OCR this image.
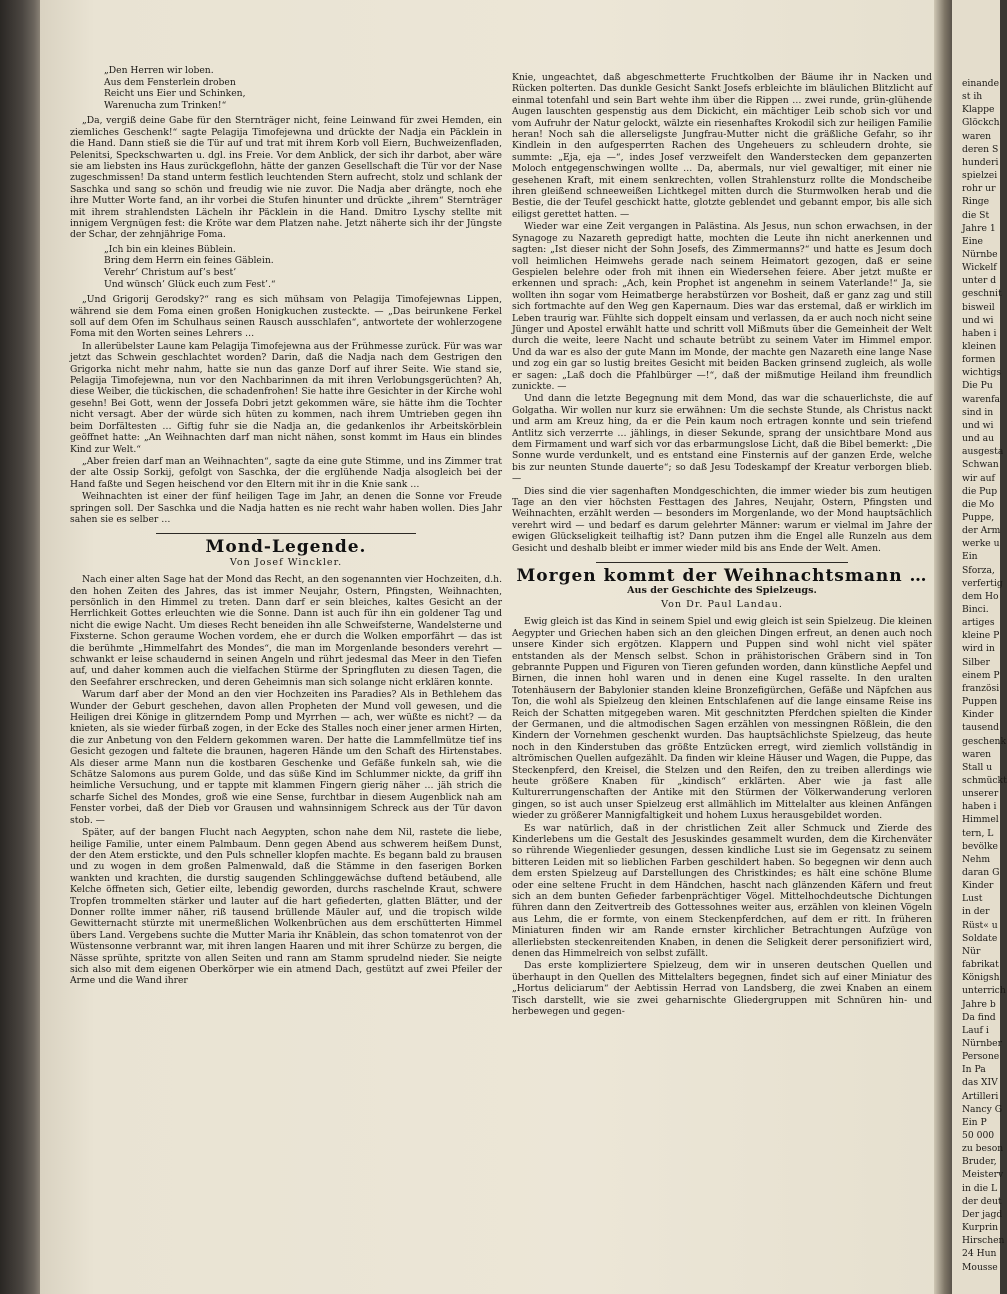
„Den Herren wir loben.
Aus dem Fensterlein droben
Reicht uns Eier und Schinken,
Warenucha zum Trinken!“

„Da, vergiß deine Gabe für den Sternträger nicht, feine Leinwand für zwei Hemden, ein ziemliches Geschenk!“ sagte Pelagija Timofejewna und drückte der Nadja ein Päcklein in die Hand. Dann stieß sie die Tür auf und trat mit ihrem Korb voll Eiern, Buchweizenfladen, Pelenitsi, Speckschwarten u. dgl. ins Freie. Vor dem Anblick, der sich ihr darbot, aber wäre sie am liebsten ins Haus zurückgeflohn, hätte der ganzen Gesellschaft die Tür vor der Nase zugeschmissen! Da stand unterm festlich leuchtenden Stern aufrecht, stolz und schlank der Saschka und sang so schön und freudig wie nie zuvor. Die Nadja aber drängte, noch ehe ihre Mutter Worte fand, an ihr vorbei die Stufen hinunter und drückte „ihrem“ Sternträger mit ihrem strahlendsten Lächeln ihr Päcklein in die Hand. Dmitro Lyschy stellte mit innigem Vergnügen fest: die Kröte war dem Platzen nahe. Jetzt näherte sich ihr der Jüngste der Schar, der zehnjährige Foma.

„Ich bin ein kleines Büblein.
Bring dem Herrn ein feines Gäblein.
Verehr’ Christum auf’s best’
Und wünsch’ Glück euch zum Fest’.“

„Und Grigorij Gerodsky?“ rang es sich mühsam von Pelagija Timofejewnas Lippen, während sie dem Foma einen großen Honigkuchen zusteckte. — „Das beirunkene Ferkel soll auf dem Ofen im Schulhaus seinen Rausch ausschlafen“, antwortete der wohlerzogene Foma mit den Worten seines Lehrers …

In allerübelster Laune kam Pelagija Timofejewna aus der Frühmesse zurück. Für was war jetzt das Schwein geschlachtet worden? Darin, daß die Nadja nach dem Gestrigen den Grigorka nicht mehr nahm, hatte sie nun das ganze Dorf auf ihrer Seite. Wie stand sie, Pelagija Timofejewna, nun vor den Nachbarinnen da mit ihren Verlobungsgerüchten? Ah, diese Weiber, die tückischen, die schadenfrohen! Sie hatte ihre Gesichter in der Kirche wohl gesehn! Bei Gott, wenn der Jossefa Dobri jetzt gekommen wäre, sie hätte ihm die Tochter nicht versagt. Aber der würde sich hüten zu kommen, nach ihrem Umtrieben gegen ihn beim Dorfältesten … Giftig fuhr sie die Nadja an, die gedankenlos ihr Arbeitskörblein geöffnet hatte: „An Weihnachten darf man nicht nähen, sonst kommt im Haus ein blindes Kind zur Welt.“

„Aber freien darf man an Weihnachten“, sagte da eine gute Stimme, und ins Zimmer trat der alte Ossip Sorkij, gefolgt von Saschka, der die erglühende Nadja alsogleich bei der Hand faßte und Segen heischend vor den Eltern mit ihr in die Knie sank …

Weihnachten ist einer der fünf heiligen Tage im Jahr, an denen die Sonne vor Freude springen soll. Der Saschka und die Nadja hatten es nie recht wahr haben wollen. Dies Jahr sahen sie es selber …

Mond-Legende.
Von Josef Winckler.

Nach einer alten Sage hat der Mond das Recht, an den sogenannten vier Hochzeiten, d.h. den hohen Zeiten des Jahres, das ist immer Neujahr, Ostern, Pfingsten, Weihnachten, persönlich in den Himmel zu treten. Dann darf er sein bleiches, kaltes Gesicht an der Herrlichkeit Gottes erleuchten wie die Sonne. Dann ist auch für ihn ein goldener Tag und nicht die ewige Nacht. Um dieses Recht beneiden ihn alle Schweifsterne, Wandelsterne und Fixsterne. Schon geraume Wochen vordem, ehe er durch die Wolken emporfährt — das ist die berühmte „Himmelfahrt des Mondes“, die man im Morgenlande besonders verehrt — schwankt er leise schaudernd in seinen Angeln und rührt jedesmal das Meer in den Tiefen auf, und daher kommen auch die vielfachen Stürme der Springfluten zu diesen Tagen, die den Seefahrer erschrecken, und deren Geheimnis man sich solange nicht erklären konnte.

Warum darf aber der Mond an den vier Hochzeiten ins Paradies? Als in Bethlehem das Wunder der Geburt geschehen, davon allen Propheten der Mund voll gewesen, und die Heiligen drei Könige in glitzerndem Pomp und Myrrhen — ach, wer wüßte es nicht? — da knieten, als sie wieder fürbaß zogen, in der Ecke des Stalles noch einer jener armen Hirten, die zur Anbetung von den Feldern gekommen waren. Der hatte die Lammfellmütze tief ins Gesicht gezogen und faltete die braunen, hageren Hände um den Schaft des Hirtenstabes. Als dieser arme Mann nun die kostbaren Geschenke und Gefäße funkeln sah, wie die Schätze Salomons aus purem Golde, und das süße Kind im Schlummer nickte, da griff ihn heimliche Versuchung, und er tappte mit klammen Fingern gierig näher … jäh strich die scharfe Sichel des Mondes, groß wie eine Sense, furchtbar in diesem Augenblick nah am Fenster vorbei, daß der Dieb vor Grausen und wahnsinnigem Schreck aus der Tür davon stob. —

Später, auf der bangen Flucht nach Aegypten, schon nahe dem Nil, rastete die liebe, heilige Familie, unter einem Palmbaum. Denn gegen Abend aus schwerem heißem Dunst, der den Atem erstickte, und den Puls schneller klopfen machte. Es begann bald zu brausen und zu wogen in dem großen Palmenwald, daß die Stämme in den faserigen Borken wankten und krachten, die durstig saugenden Schlinggewächse duftend betäubend, alle Kelche öffneten sich, Getier eilte, lebendig geworden, durchs raschelnde Kraut, schwere Tropfen trommelten stärker und lauter auf die hart gefiederten, glatten Blätter, und der Donner rollte immer näher, riß tausend brüllende Mäuler auf, und die tropisch wilde Gewitternacht stürzte mit unermeßlichen Wolkenbrüchen aus dem erschütterten Himmel übers Land. Vergebens suchte die Mutter Maria ihr Knäblein, das schon tomatenrot von der Wüstensonne verbrannt war, mit ihren langen Haaren und mit ihrer Schürze zu bergen, die Nässe sprühte, spritzte von allen Seiten und rann am Stamm sprudelnd nieder. Sie neigte sich also mit dem eigenen Oberkörper wie ein atmend Dach, gestützt auf zwei Pfeiler der Arme und die Wand ihrer

Knie, ungeachtet, daß abgeschmetterte Fruchtkolben der Bäume ihr in Nacken und Rücken polterten. Das dunkle Gesicht Sankt Josefs erbleichte im bläulichen Blitzlicht auf einmal totenfahl und sein Bart wehte ihm über die Rippen … zwei runde, grün-glühende Augen lauschten gespenstig aus dem Dickicht, ein mächtiger Leib schob sich vor und vom Aufruhr der Natur gelockt, wälzte ein riesenhaftes Krokodil sich zur heiligen Familie heran! Noch sah die allerseligste Jungfrau-Mutter nicht die gräßliche Gefahr, so ihr Kindlein in den aufgesperrten Rachen des Ungeheuers zu schleudern drohte, sie summte: „Eja, eja —“, indes Josef verzweifelt den Wanderstecken dem gepanzerten Moloch entgegenschwingen wollte … Da, abermals, nur viel gewaltiger, mit einer nie gesehenen Kraft, mit einem senkrechten, vollen Strahlensturz rollte die Mondscheibe ihren gleißend schneeweißen Lichtkegel mitten durch die Sturmwolken herab und die Bestie, die der Teufel geschickt hatte, glotzte geblendet und gebannt empor, bis alle sich eiligst gerettet hatten. —

Wieder war eine Zeit vergangen in Palästina. Als Jesus, nun schon erwachsen, in der Synagoge zu Nazareth gepredigt hatte, mochten die Leute ihn nicht anerkennen und sagten: „Ist dieser nicht der Sohn Josefs, des Zimmermanns?“ und hatte es Jesum doch voll heimlichen Heimwehs gerade nach seinem Heimatort gezogen, daß er seine Gespielen belehre oder froh mit ihnen ein Wiedersehen feiere. Aber jetzt mußte er erkennen und sprach: „Ach, kein Prophet ist angenehm in seinem Vaterlande!“ Ja, sie wollten ihn sogar vom Heimatberge herabstürzen vor Bosheit, daß er ganz zag und still sich fortmachte auf den Weg gen Kapernaum. Dies war das erstemal, daß er wirklich im Leben traurig war. Fühlte sich doppelt einsam und verlassen, da er auch noch nicht seine Jünger und Apostel erwählt hatte und schritt voll Mißmuts über die Gemeinheit der Welt durch die weite, leere Nacht und schaute betrübt zu seinem Vater im Himmel empor. Und da war es also der gute Mann im Monde, der machte gen Nazareth eine lange Nase und zog ein gar so lustig breites Gesicht mit beiden Backen grinsend zugleich, als wolle er sagen: „Laß doch die Pfahlbürger —!“, daß der mißmutige Heiland ihm freundlich zunickte. —

Und dann die letzte Begegnung mit dem Mond, das war die schauerlichste, die auf Golgatha. Wir wollen nur kurz sie erwähnen: Um die sechste Stunde, als Christus nackt und arm am Kreuz hing, da er die Pein kaum noch ertragen konnte und sein triefend Antlitz sich verzerrte … jählings, in dieser Sekunde, sprang der unsichtbare Mond aus dem Firmament und warf sich vor das erbarmungslose Licht, daß die Bibel bemerkt: „Die Sonne wurde verdunkelt, und es entstand eine Finsternis auf der ganzen Erde, welche bis zur neunten Stunde dauerte“; so daß Jesu Todeskampf der Kreatur verborgen blieb. —

Dies sind die vier sagenhaften Mondgeschichten, die immer wieder bis zum heutigen Tage an den vier höchsten Festtagen des Jahres, Neujahr, Ostern, Pfingsten und Weihnachten, erzählt werden — besonders im Morgenlande, wo der Mond hauptsächlich verehrt wird — und bedarf es darum gelehrter Männer: warum er vielmal im Jahre der ewigen Glückseligkeit teilhaftig ist? Dann putzen ihm die Engel alle Runzeln aus dem Gesicht und deshalb bleibt er immer wieder mild bis ans Ende der Welt. Amen.

Morgen kommt der Weihnachtsmann …
Aus der Geschichte des Spielzeugs.
Von Dr. Paul Landau.

Ewig gleich ist das Kind in seinem Spiel und ewig gleich ist sein Spielzeug. Die kleinen Aegypter und Griechen haben sich an den gleichen Dingen erfreut, an denen auch noch unsere Kinder sich ergötzen. Klappern und Puppen sind wohl nicht viel später entstanden als der Mensch selbst. Schon in prähistorischen Gräbern sind in Ton gebrannte Puppen und Figuren von Tieren gefunden worden, dann künstliche Aepfel und Birnen, die innen hohl waren und in denen eine Kugel rasselte. In den uralten Totenhäusern der Babylonier standen kleine Bronzefigürchen, Gefäße und Näpfchen aus Ton, die wohl als Spielzeug den kleinen Entschlafenen auf die lange einsame Reise ins Reich der Schatten mitgegeben waren. Mit geschnitzten Pferdchen spielten die Kinder der Germanen, und die altmodischen Sagen erzählen von messingnen Rößlein, die den Kindern der Vornehmen geschenkt wurden. Das hauptsächlichste Spielzeug, das heute noch in den Kinderstuben das größte Entzücken erregt, wird ziemlich vollständig in altrömischen Quellen aufgezählt. Da finden wir kleine Häuser und Wagen, die Puppe, das Steckenpferd, den Kreisel, die Stelzen und den Reifen, den zu treiben allerdings wie heute größere Knaben für „kindisch“ erklärten. Aber wie ja fast alle Kulturerrungenschaften der Antike mit den Stürmen der Völkerwanderung verloren gingen, so ist auch unser Spielzeug erst allmählich im Mittelalter aus kleinen Anfängen wieder zu größerer Mannigfaltigkeit und hohem Luxus herausgebildet worden.

Es war natürlich, daß in der christlichen Zeit aller Schmuck und Zierde des Kinderlebens um die Gestalt des Jesuskindes gesammelt wurden, dem die Kirchenväter so rührende Wiegenlieder gesungen, dessen kindliche Lust sie im Gegensatz zu seinem bitteren Leiden mit so lieblichen Farben geschildert haben. So begegnen wir denn auch dem ersten Spielzeug auf Darstellungen des Christkindes; es hält eine schöne Blume oder eine seltene Frucht in dem Händchen, hascht nach glänzenden Käfern und freut sich an dem bunten Gefieder farbenprächtiger Vögel. Mittelhochdeutsche Dichtungen führen dann den Zeitvertreib des Gottessohnes weiter aus, erzählen von kleinen Vögeln aus Lehm, die er formte, von einem Steckenpferdchen, auf dem er ritt. In früheren Miniaturen finden wir am Rande ernster kirchlicher Betrachtungen Aufzüge von allerliebsten steckenreitenden Knaben, in denen die Seligkeit derer personifiziert wird, denen das Himmelreich von selbst zufällt.

Das erste kompliziertere Spielzeug, dem wir in unseren deutschen Quellen und überhaupt in den Quellen des Mittelalters begegnen, findet sich auf einer Miniatur des „Hortus deliciarum“ der Aebtissin Herrad von Landsberg, die zwei Knaben an einem Tisch darstellt, wie sie zwei geharnischte Gliedergruppen mit Schnüren hin- und herbewegen und gegen-

einande
st ih
Klappe
Glöckch
waren
deren S
hunderi
spielzei
rohr ur
Ringe
die St
Jahre 1
Eine
Nürnbe
Wickelf
unter d
geschnit
bisweil
und wi
haben i
kleinen
formen
wichtigs
Die Pu
warenfa
sind in
und wi
und au
ausgesta
Schwan
wir auf
die Pup
die Mo
Puppe,
der Arm
werke u
Ein
Sforza,
verfertig
dem Ho
Binci.
artiges
kleine P
wird in
Silber
einem P
französi
Puppen
Kinder
tausend
geschenk
waren
Stall u
schmückt
unserer
haben i
Himmel
tern, L
bevölke
Nehm
daran G
Kinder
Lust
in der
Rüst« u
Soldate
Nür
fabrikat
Königsh
unterrich
Jahre b
Da find
Lauf i
Nürnber
Persone
In Pa
das XIV
Artilleri
Nancy G
Ein P
50 000
zu beson
Bruder,
Meisterv
in die L
der deut
Der jagd
Kurprin
Hirschen
24 Hun
Mousse
